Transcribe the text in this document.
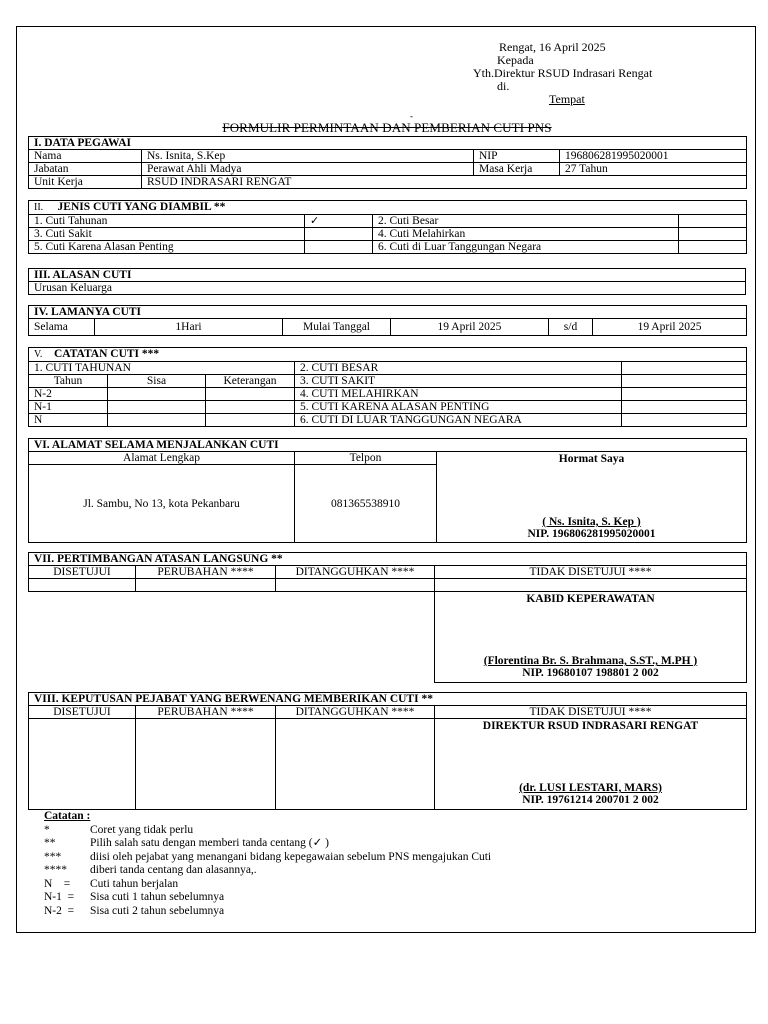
Rengat, 16 April 2025
Kepada
Yth.Direktur RSUD Indrasari Rengat
di.
Tempat
-
FORMULIR PERMINTAAN DAN PEMBERIAN CUTI PNS
I. DATA PEGAWAI			
Nama	Ns. Isnita, S.Kep	NIP	196806281995020001
Jabatan	Perawat Ahli Madya	Masa Kerja	27 Tahun
Unit Kerja	RSUD INDRASARI RENGAT		
II. JENIS CUTI YANG DIAMBIL **			
1. Cuti Tahunan	✓	2. Cuti Besar	
3. Cuti Sakit		4. Cuti Melahirkan	
5. Cuti Karena Alasan Penting		6. Cuti di Luar Tanggungan Negara	
III. ALASAN CUTI
Urusan Keluarga
IV. LAMANYA CUTI
Selama	1Hari	Mulai Tanggal	19 April 2025	s/d	19 April 2025
V. CATATAN CUTI ***				
1. CUTI TAHUNAN			2. CUTI BESAR	
Tahun	Sisa	Keterangan	3. CUTI SAKIT	
N-2			4. CUTI MELAHIRKAN	
N-1			5. CUTI KARENA ALASAN PENTING	
N			6. CUTI DI LUAR TANGGUNGAN NEGARA	
VI. ALAMAT SELAMA MENJALANKAN CUTI		
Alamat Lengkap	Telpon	Hormat Saya
( Ns. Isnita, S. Kep )
NIP. 196806281995020001

Jl. Sambu, No 13, kota Pekanbaru	081365538910	
VII. PERTIMBANGAN ATASAN LANGSUNG **			
DISETUJUI	PERUBAHAN ****	DITANGGUHKAN ****	TIDAK DISETUJUI ****

			KABID KEPERAWATAN
(Florentina Br. S. Brahmana, S.ST., M.PH )
NIP. 19680107 198801 2 002
VIII. KEPUTUSAN PEJABAT YANG BERWENANG MEMBERIKAN CUTI **			
DISETUJUI	PERUBAHAN ****	DITANGGUHKAN ****	TIDAK DISETUJUI ****

			DIREKTUR RSUD INDRASARI RENGAT
(dr. LUSI LESTARI, MARS)
NIP. 19761214 200701 2 002
Catatan :
*	Coret yang tidak perlu
**	Pilih salah satu dengan memberi tanda centang (✓ )
***	diisi oleh pejabat yang menangani bidang kepegawaian sebelum PNS mengajukan Cuti
**** diberi tanda centang dan alasannya,.
N    = Cuti tahun berjalan
N-1  = Sisa cuti 1 tahun sebelumnya
N-2  = Sisa cuti 2 tahun sebelumnya
